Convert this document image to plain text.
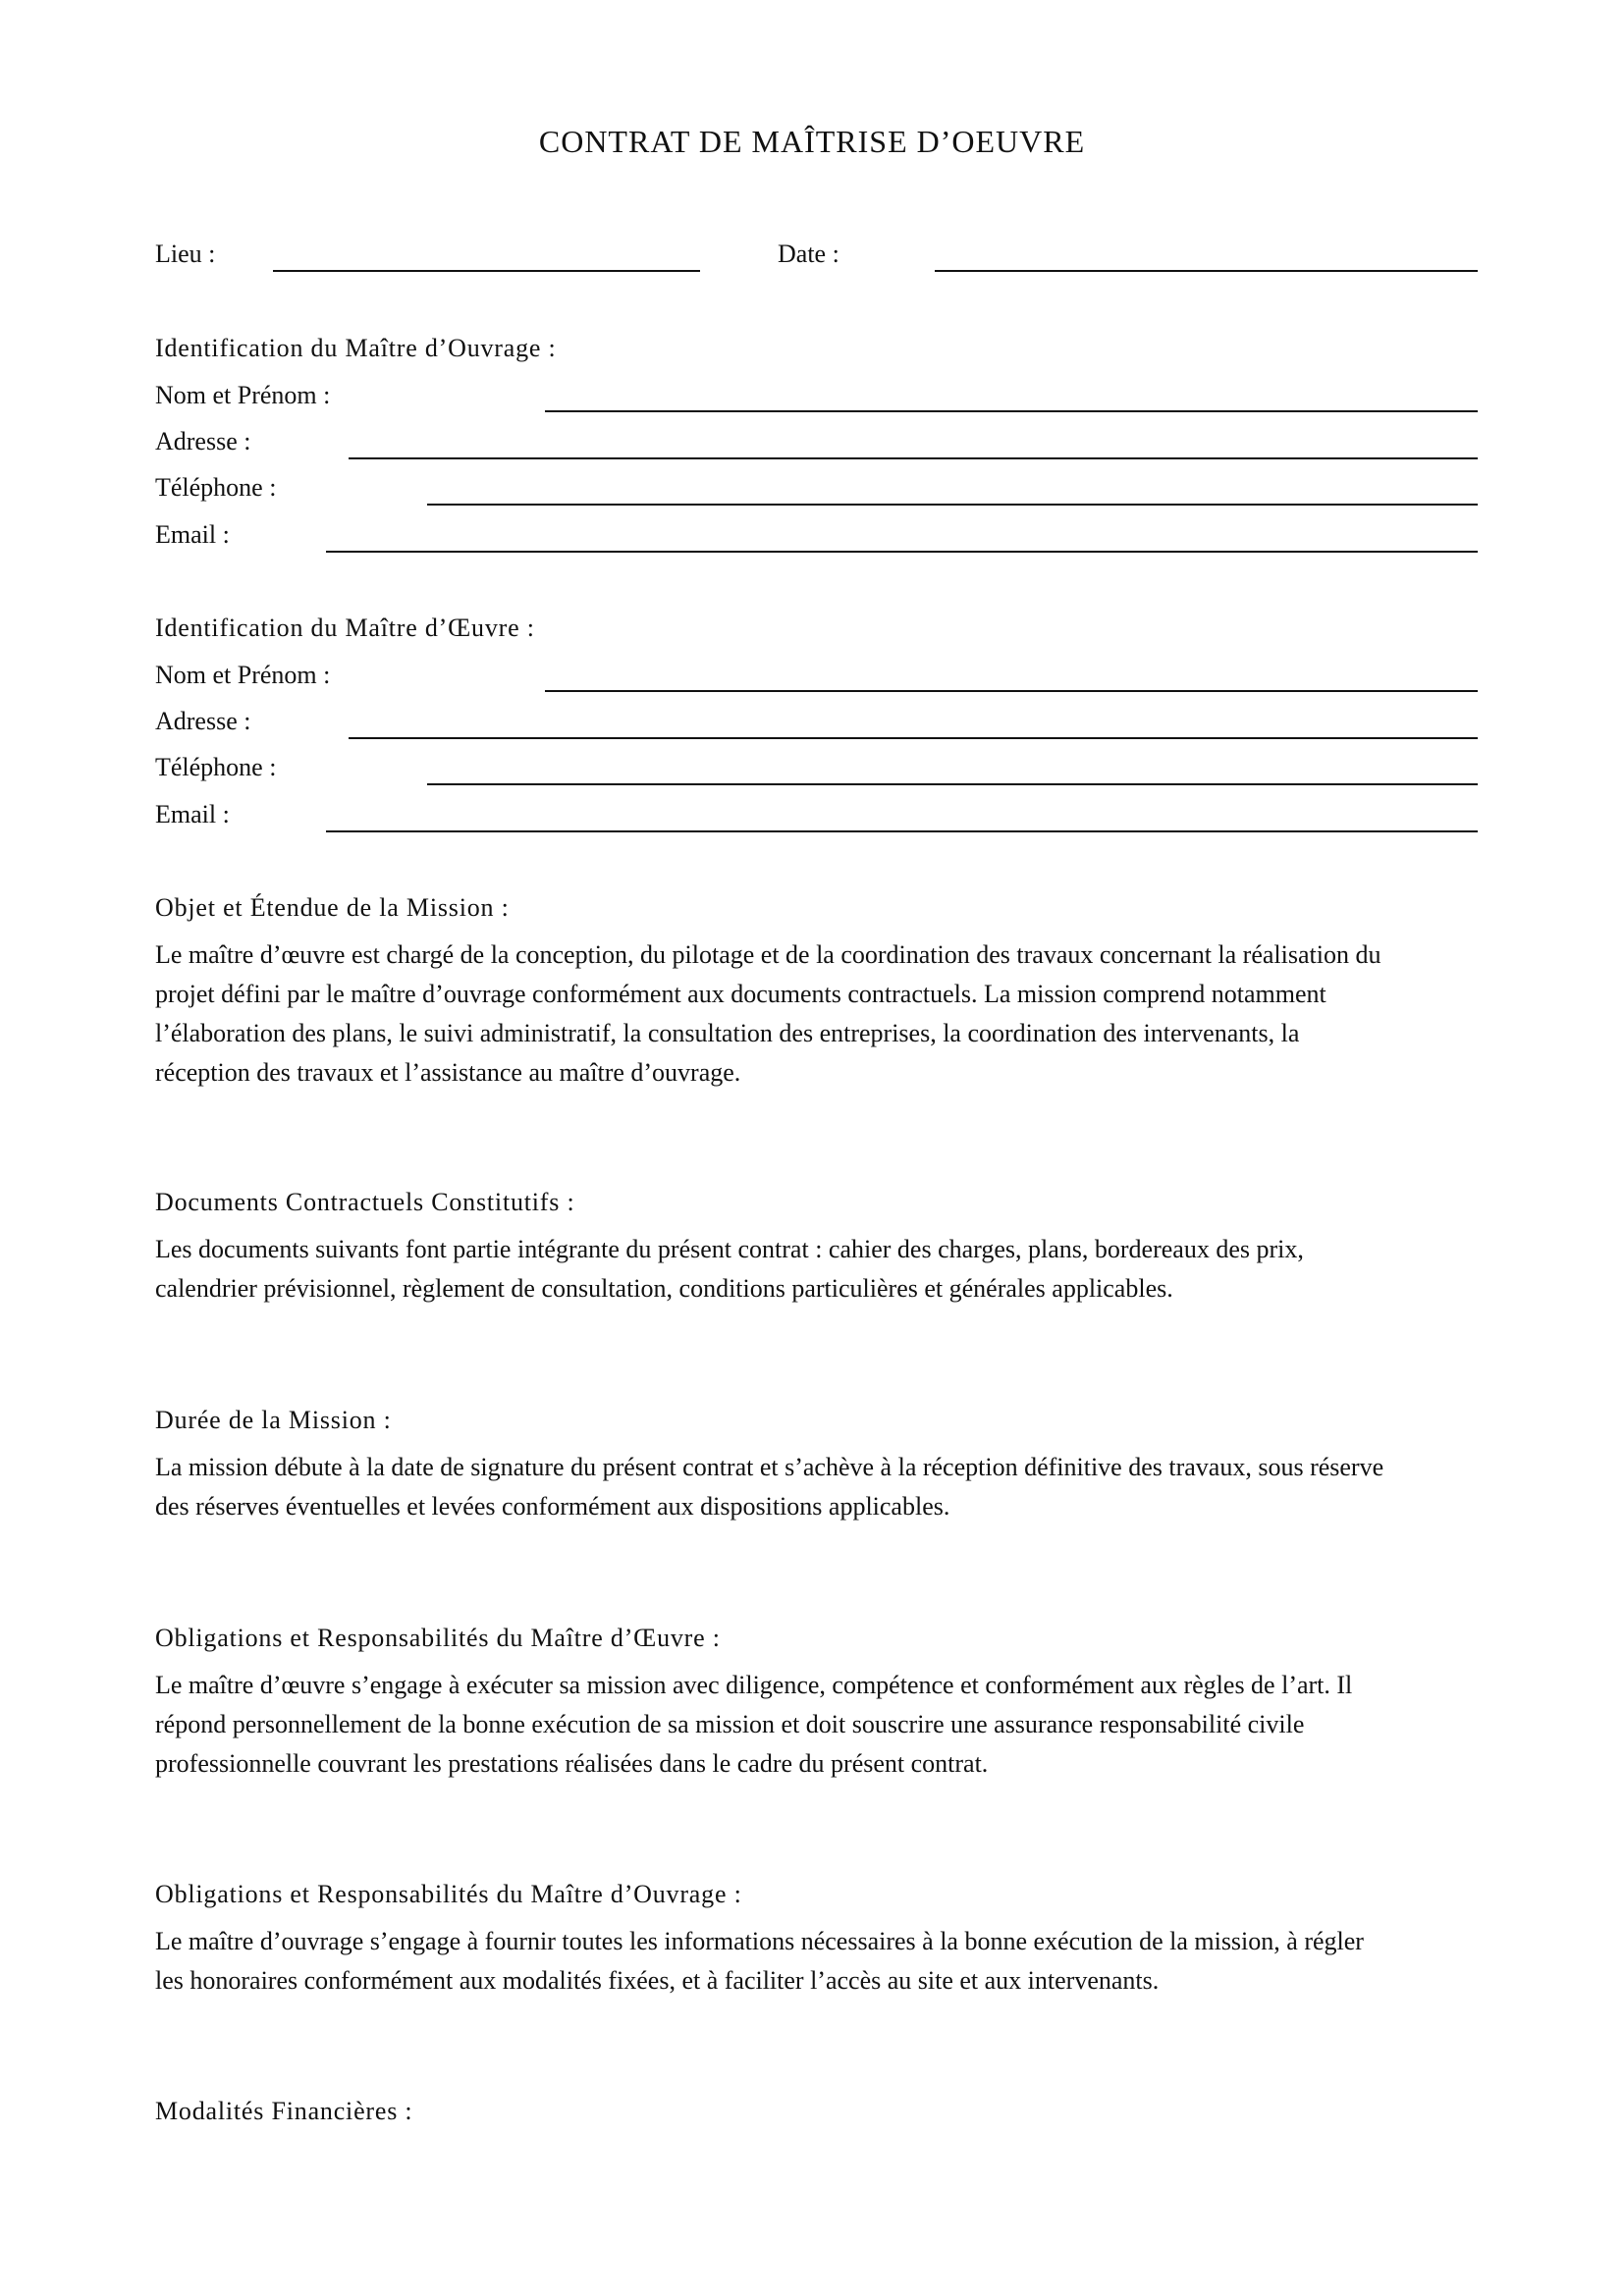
CONTRAT DE MAÎTRISE D’OEUVRE
Lieu :	Date :
Identification du Maître d’Ouvrage :
Nom et Prénom :
Adresse :
Téléphone :
Email :
Identification du Maître d’Œuvre :
Nom et Prénom :
Adresse :
Téléphone :
Email :
Objet et Étendue de la Mission :
Le maître d’œuvre est chargé de la conception, du pilotage et de la coordination des travaux concernant la réalisation du
projet défini par le maître d’ouvrage conformément aux documents contractuels. La mission comprend notamment
l’élaboration des plans, le suivi administratif, la consultation des entreprises, la coordination des intervenants, la
réception des travaux et l’assistance au maître d’ouvrage.
Documents Contractuels Constitutifs :
Les documents suivants font partie intégrante du présent contrat : cahier des charges, plans, bordereaux des prix,
calendrier prévisionnel, règlement de consultation, conditions particulières et générales applicables.
Durée de la Mission :
La mission débute à la date de signature du présent contrat et s’achève à la réception définitive des travaux, sous réserve
des réserves éventuelles et levées conformément aux dispositions applicables.
Obligations et Responsabilités du Maître d’Œuvre :
Le maître d’œuvre s’engage à exécuter sa mission avec diligence, compétence et conformément aux règles de l’art. Il
répond personnellement de la bonne exécution de sa mission et doit souscrire une assurance responsabilité civile
professionnelle couvrant les prestations réalisées dans le cadre du présent contrat.
Obligations et Responsabilités du Maître d’Ouvrage :
Le maître d’ouvrage s’engage à fournir toutes les informations nécessaires à la bonne exécution de la mission, à régler
les honoraires conformément aux modalités fixées, et à faciliter l’accès au site et aux intervenants.
Modalités Financières :
